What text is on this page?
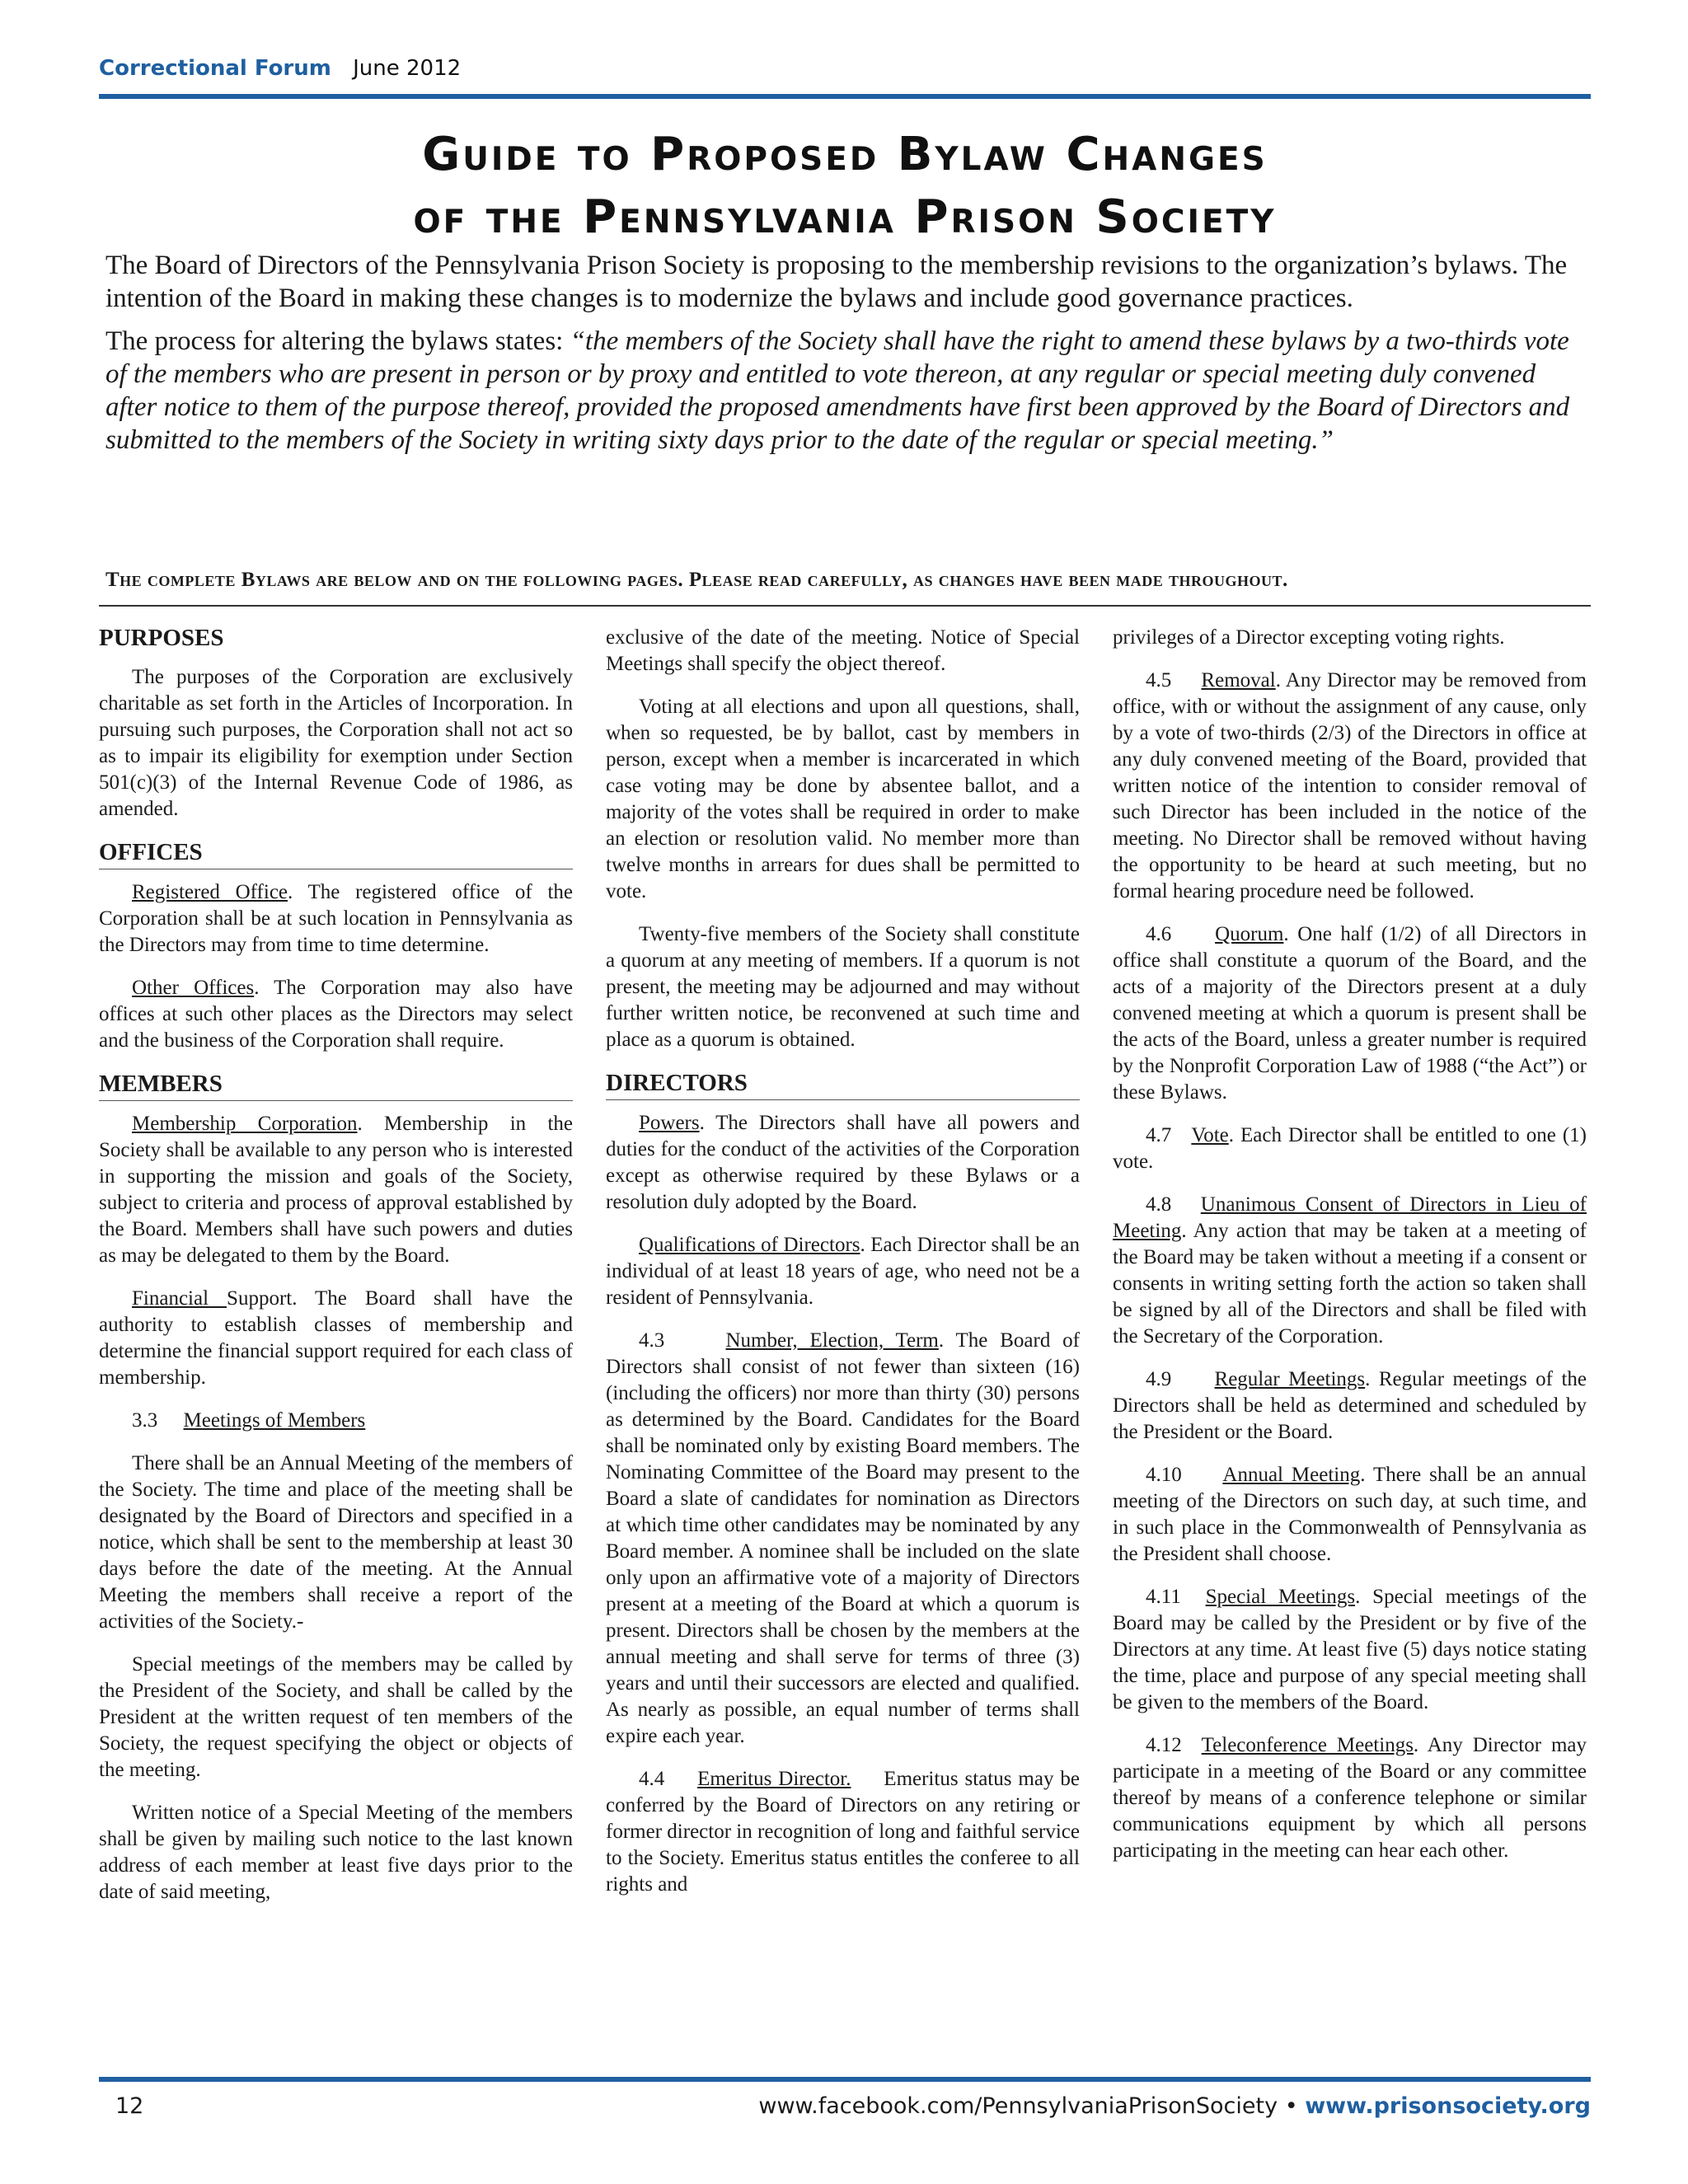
Correctional Forum June 2012
Guide to Proposed Bylaw Changes
of the Pennsylvania Prison Society

The Board of Directors of the Pennsylvania Prison Society is proposing to the membership revisions to the organization’s bylaws. The intention of the Board in making these changes is to modernize the bylaws and include good governance practices.

The process for altering the bylaws states: “the members of the Society shall have the right to amend these bylaws by a two-thirds vote of the members who are present in person or by proxy and entitled to vote thereon, at any regular or special meeting duly convened after notice to them of the purpose thereof, provided the proposed amendments have first been approved by the Board of Directors and submitted to the members of the Society in writing sixty days prior to the date of the regular or special meeting.”

The complete Bylaws are below and on the following pages. Please read carefully, as changes have been made throughout.
PURPOSES

The purposes of the Corporation are exclusively charitable as set forth in the Articles of Incorporation. In pursuing such purposes, the Corporation shall not act so as to impair its eligibility for exemption under Section 501(c)(3) of the Internal Revenue Code of 1986, as amended.

OFFICES

Registered Office. The registered office of the Corporation shall be at such location in Pennsylvania as the Directors may from time to time determine.

Other Offices. The Corporation may also have offices at such other places as the Directors may select and the business of the Corporation shall require.

MEMBERS

Membership Corporation. Membership in the Society shall be available to any person who is interested in supporting the mission and goals of the Society, subject to criteria and process of approval established by the Board. Members shall have such powers and duties as may be delegated to them by the Board.

Financial Support. The Board shall have the authority to establish classes of membership and determine the financial support required for each class of membership.

3.3 Meetings of Members

There shall be an Annual Meeting of the members of the Society. The time and place of the meeting shall be designated by the Board of Directors and specified in a notice, which shall be sent to the membership at least 30 days before the date of the meeting. At the Annual Meeting the members shall receive a report of the activities of the Society.-

Special meetings of the members may be called by the President of the Society, and shall be called by the President at the written request of ten members of the Society, the request specifying the object or objects of the meeting.

Written notice of a Special Meeting of the members shall be given by mailing such notice to the last known address of each member at least five days prior to the date of said meeting,

exclusive of the date of the meeting. Notice of Special Meetings shall specify the object thereof.

Voting at all elections and upon all questions, shall, when so requested, be by ballot, cast by members in person, except when a member is incarcerated in which case voting may be done by absentee ballot, and a majority of the votes shall be required in order to make an election or resolution valid. No member more than twelve months in arrears for dues shall be permitted to vote.

Twenty-five members of the Society shall constitute a quorum at any meeting of members. If a quorum is not present, the meeting may be adjourned and may without further written notice, be reconvened at such time and place as a quorum is obtained.

DIRECTORS

Powers. The Directors shall have all powers and duties for the conduct of the activities of the Corporation except as otherwise required by these Bylaws or a resolution duly adopted by the Board.

Qualifications of Directors. Each Director shall be an individual of at least 18 years of age, who need not be a resident of Pennsylvania.

4.3	Number, Election, Term. The Board of Directors shall consist of not fewer than sixteen (16) (including the officers) nor more than thirty (30) persons as determined by the Board. Candidates for the Board shall be nominated only by existing Board members. The Nominating Committee of the Board may present to the Board a slate of candidates for nomination as Directors at which time other candidates may be nominated by any Board member. A nominee shall be included on the slate only upon an affirmative vote of a majority of Directors present at a meeting of the Board at which a quorum is present. Directors shall be chosen by the members at the annual meeting and shall serve for terms of three (3) years and until their successors are elected and qualified. As nearly as possible, an equal number of terms shall expire each year.

4.4 Emeritus Director. Emeritus status may be conferred by the Board of Directors on any retiring or former director in recognition of long and faithful service to the Society. Emeritus status entitles the conferee to all rights and

privileges of a Director excepting voting rights.

4.5 Removal. Any Director may be removed from office, with or without the assignment of any cause, only by a vote of two-thirds (2/3) of the Directors in office at any duly convened meeting of the Board, provided that written notice of the intention to consider removal of such Director has been included in the notice of the meeting. No Director shall be removed without having the opportunity to be heard at such meeting, but no formal hearing procedure need be followed.

4.6 Quorum. One half (1/2) of all Directors in office shall constitute a quorum of the Board, and the acts of a majority of the Directors present at a duly convened meeting at which a quorum is present shall be the acts of the Board, unless a greater number is required by the Nonprofit Corporation Law of 1988 (“the Act”) or these Bylaws.

4.7 Vote. Each Director shall be entitled to one (1) vote.

4.8 Unanimous Consent of Directors in Lieu of Meeting. Any action that may be taken at a meeting of the Board may be taken without a meeting if a consent or consents in writing setting forth the action so taken shall be signed by all of the Directors and shall be filed with the Secretary of the Corporation.

4.9 Regular Meetings. Regular meetings of the Directors shall be held as determined and scheduled by the President or the Board.

4.10 Annual Meeting. There shall be an annual meeting of the Directors on such day, at such time, and in such place in the Commonwealth of Pennsylvania as the President shall choose.

4.11 Special Meetings. Special meetings of the Board may be called by the President or by five of the Directors at any time. At least five (5) days notice stating the time, place and purpose of any special meeting shall be given to the members of the Board.

4.12 Teleconference Meetings. Any Director may participate in a meeting of the Board or any committee thereof by means of a conference telephone or similar communications equipment by which all persons participating in the meeting can hear each other.

12	www.facebook.com/PennsylvaniaPrisonSociety • www.prisonsociety.org
